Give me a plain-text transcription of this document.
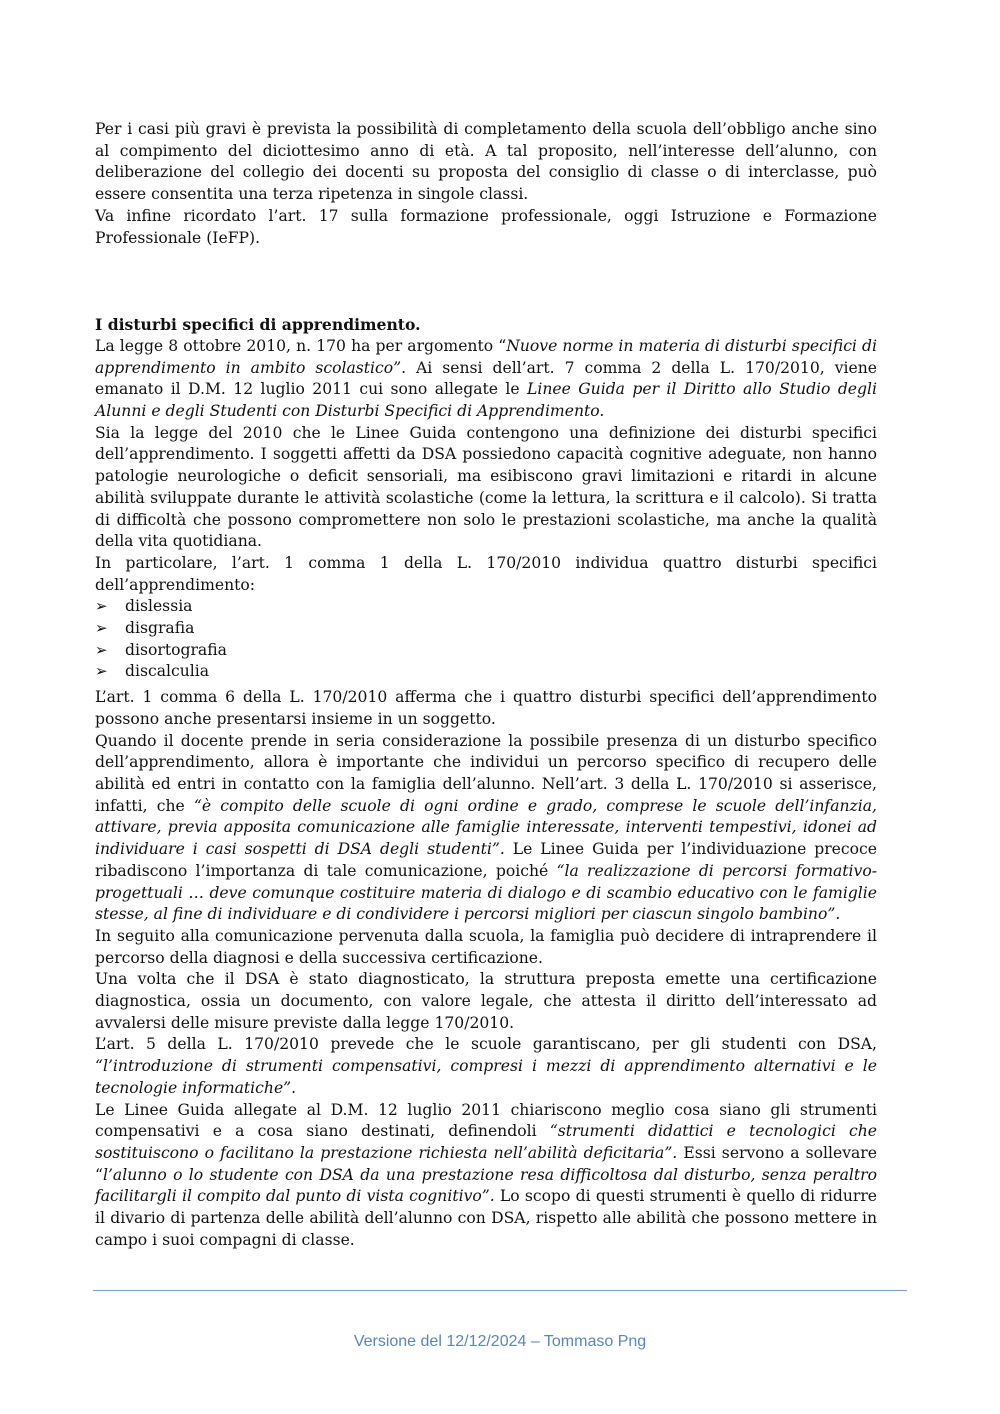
Per i casi più gravi è prevista la possibilità di completamento della scuola dell’obbligo anche sino al compimento del diciottesimo anno di età. A tal proposito, nell’interesse dell’alunno, con deliberazione del collegio dei docenti su proposta del consiglio di classe o di interclasse, può essere consentita una terza ripetenza in singole classi.

Va infine ricordato l’art. 17 sulla formazione professionale, oggi Istruzione e Formazione Professionale (IeFP).

I disturbi specifici di apprendimento.

La legge 8 ottobre 2010, n. 170 ha per argomento “Nuove norme in materia di disturbi specifici di apprendimento in ambito scolastico”. Ai sensi dell’art. 7 comma 2 della L. 170/2010, viene emanato il D.M. 12 luglio 2011 cui sono allegate le Linee Guida per il Diritto allo Studio degli Alunni e degli Studenti con Disturbi Specifici di Apprendimento.

Sia la legge del 2010 che le Linee Guida contengono una definizione dei disturbi specifici dell’apprendimento. I soggetti affetti da DSA possiedono capacità cognitive adeguate, non hanno patologie neurologiche o deficit sensoriali, ma esibiscono gravi limitazioni e ritardi in alcune abilità sviluppate durante le attività scolastiche (come la lettura, la scrittura e il calcolo). Si tratta di difficoltà che possono compromettere non solo le prestazioni scolastiche, ma anche la qualità della vita quotidiana.

In particolare, l’art. 1 comma 1 della L. 170/2010 individua quattro disturbi specifici dell’apprendimento:

➢ dislessia
➢ disgrafia
➢ disortografia
➢ discalculia

L’art. 1 comma 6 della L. 170/2010 afferma che i quattro disturbi specifici dell’apprendimento possono anche presentarsi insieme in un soggetto.

Quando il docente prende in seria considerazione la possibile presenza di un disturbo specifico dell’apprendimento, allora è importante che individui un percorso specifico di recupero delle abilità ed entri in contatto con la famiglia dell’alunno. Nell’art. 3 della L. 170/2010 si asserisce, infatti, che “è compito delle scuole di ogni ordine e grado, comprese le scuole dell’infanzia, attivare, previa apposita comunicazione alle famiglie interessate, interventi tempestivi, idonei ad individuare i casi sospetti di DSA degli studenti”. Le Linee Guida per l’individuazione precoce ribadiscono l’importanza di tale comunicazione, poiché “la realizzazione di percorsi formativo-progettuali … deve comunque costituire materia di dialogo e di scambio educativo con le famiglie stesse, al fine di individuare e di condividere i percorsi migliori per ciascun singolo bambino”.

In seguito alla comunicazione pervenuta dalla scuola, la famiglia può decidere di intraprendere il percorso della diagnosi e della successiva certificazione.

Una volta che il DSA è stato diagnosticato, la struttura preposta emette una certificazione diagnostica, ossia un documento, con valore legale, che attesta il diritto dell’interessato ad avvalersi delle misure previste dalla legge 170/2010.

L’art. 5 della L. 170/2010 prevede che le scuole garantiscano, per gli studenti con DSA, “l’introduzione di strumenti compensativi, compresi i mezzi di apprendimento alternativi e le tecnologie informatiche”.

Le Linee Guida allegate al D.M. 12 luglio 2011 chiariscono meglio cosa siano gli strumenti compensativi e a cosa siano destinati, definendoli “strumenti didattici e tecnologici che sostituiscono o facilitano la prestazione richiesta nell’abilità deficitaria”. Essi servono a sollevare “l’alunno o lo studente con DSA da una prestazione resa difficoltosa dal disturbo, senza peraltro facilitargli il compito dal punto di vista cognitivo”. Lo scopo di questi strumenti è quello di ridurre il divario di partenza delle abilità dell’alunno con DSA, rispetto alle abilità che possono mettere in campo i suoi compagni di classe.

Versione del 12/12/2024 – Tommaso Png
